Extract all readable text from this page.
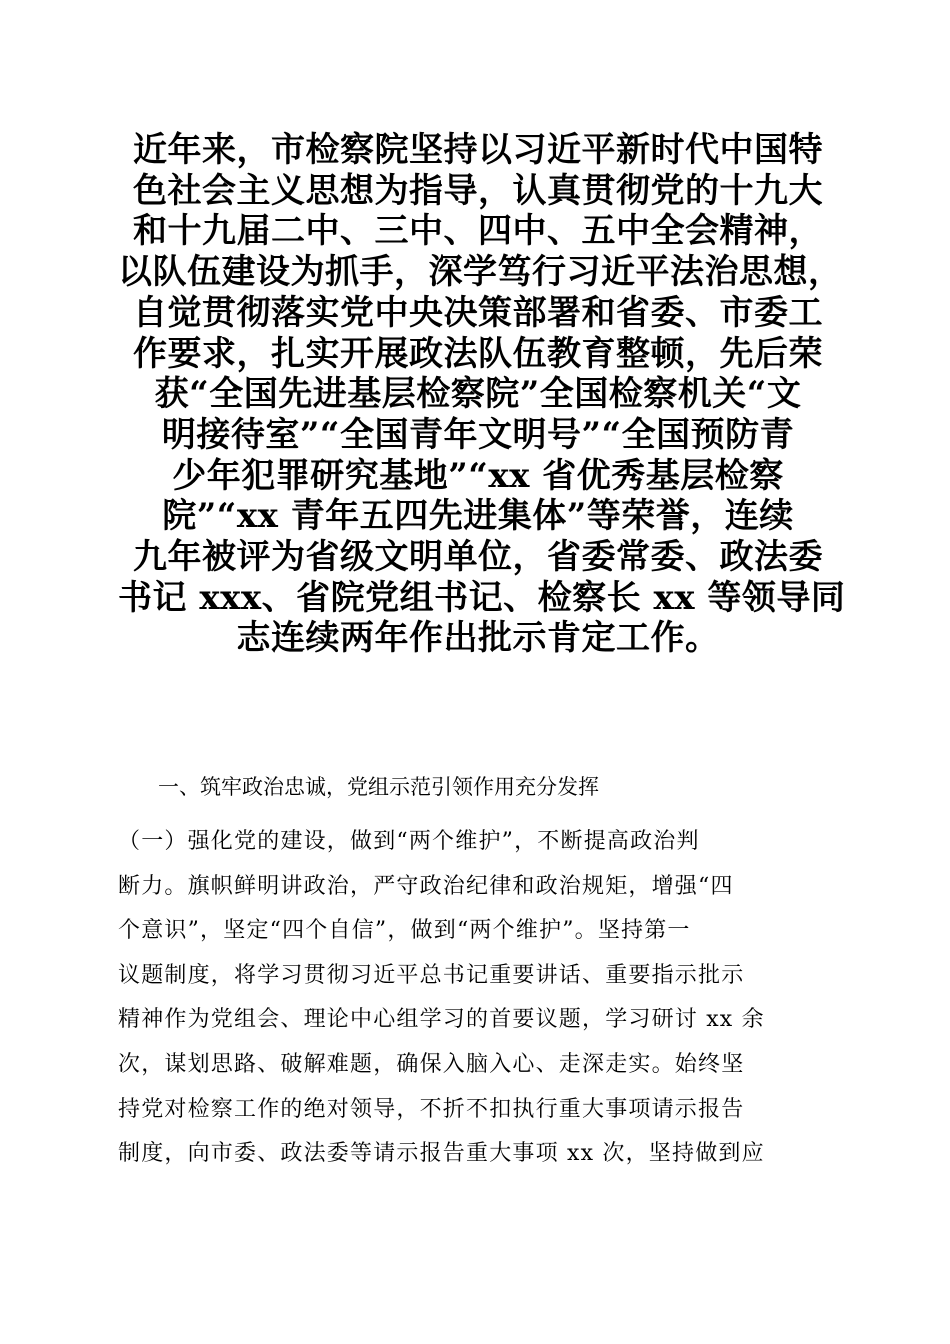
近年来，市检察院坚持以习近平新时代中国特
色社会主义思想为指导，认真贯彻党的十九大
和十九届二中、三中、四中、五中全会精神，
以队伍建设为抓手，深学笃行习近平法治思想，
自觉贯彻落实党中央决策部署和省委、市委工
作要求，扎实开展政法队伍教育整顿，先后荣
获“全国先进基层检察院”全国检察机关“文
明接待室”“全国青年文明号”“全国预防青
少年犯罪研究基地”“xx 省优秀基层检察
院”“xx 青年五四先进集体”等荣誉，连续
九年被评为省级文明单位，省委常委、政法委
书记 xxx、省院党组书记、检察长 xx 等领导同
志连续两年作出批示肯定工作。
一、筑牢政治忠诚，党组示范引领作用充分发挥
（一）强化党的建设，做到“两个维护”，不断提高政治判
断力。旗帜鲜明讲政治，严守政治纪律和政治规矩，增强“四
个意识”，坚定“四个自信”，做到“两个维护”。坚持第一
议题制度，将学习贯彻习近平总书记重要讲话、重要指示批示
精神作为党组会、理论中心组学习的首要议题，学习研讨 xx 余
次，谋划思路、破解难题，确保入脑入心、走深走实。始终坚
持党对检察工作的绝对领导，不折不扣执行重大事项请示报告
制度，向市委、政法委等请示报告重大事项 xx 次，坚持做到应
